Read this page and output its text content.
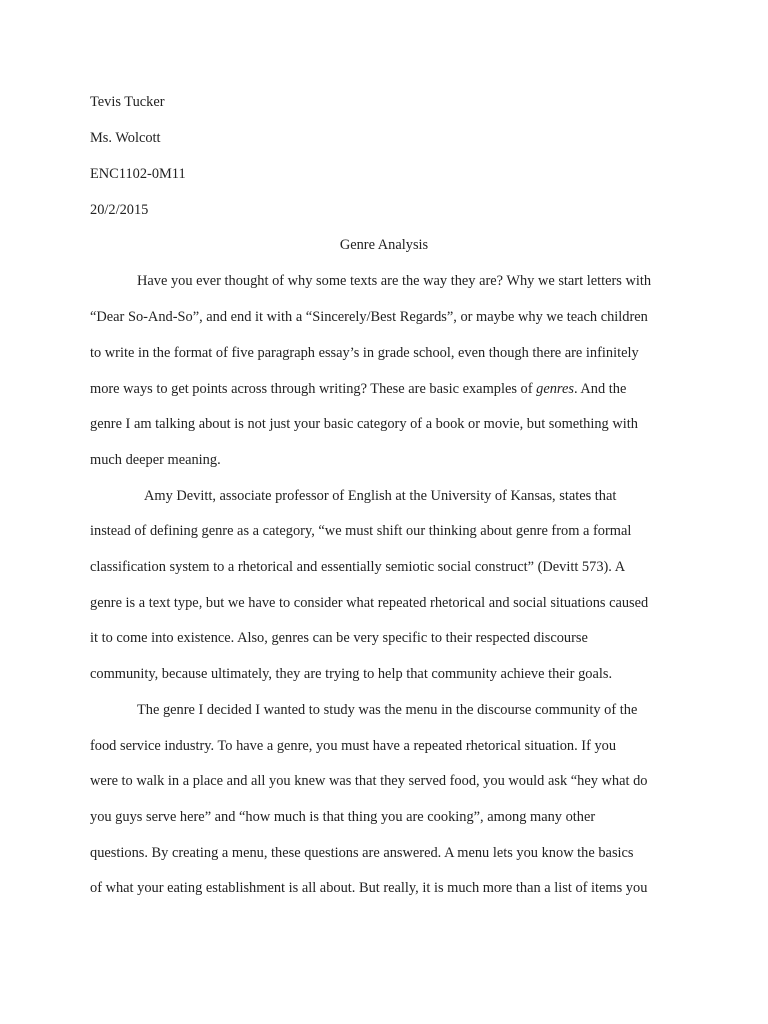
Tevis Tucker
Ms. Wolcott
ENC1102-0M11
20/2/2015
Genre Analysis
Have you ever thought of why some texts are the way they are? Why we start letters with
“Dear So-And-So”, and end it with a “Sincerely/Best Regards”, or maybe why we teach children
to write in the format of five paragraph essay’s in grade school, even though there are infinitely
more ways to get points across through writing? These are basic examples of genres. And the
genre I am talking about is not just your basic category of a book or movie, but something with
much deeper meaning.
Amy Devitt, associate professor of English at the University of Kansas, states that
instead of defining genre as a category, “we must shift our thinking about genre from a formal
classification system to a rhetorical and essentially semiotic social construct” (Devitt 573). A
genre is a text type, but we have to consider what repeated rhetorical and social situations caused
it to come into existence. Also, genres can be very specific to their respected discourse
community, because ultimately, they are trying to help that community achieve their goals.
The genre I decided I wanted to study was the menu in the discourse community of the
food service industry. To have a genre, you must have a repeated rhetorical situation. If you
were to walk in a place and all you knew was that they served food, you would ask “hey what do
you guys serve here” and “how much is that thing you are cooking”, among many other
questions. By creating a menu, these questions are answered. A menu lets you know the basics
of what your eating establishment is all about. But really, it is much more than a list of items you
